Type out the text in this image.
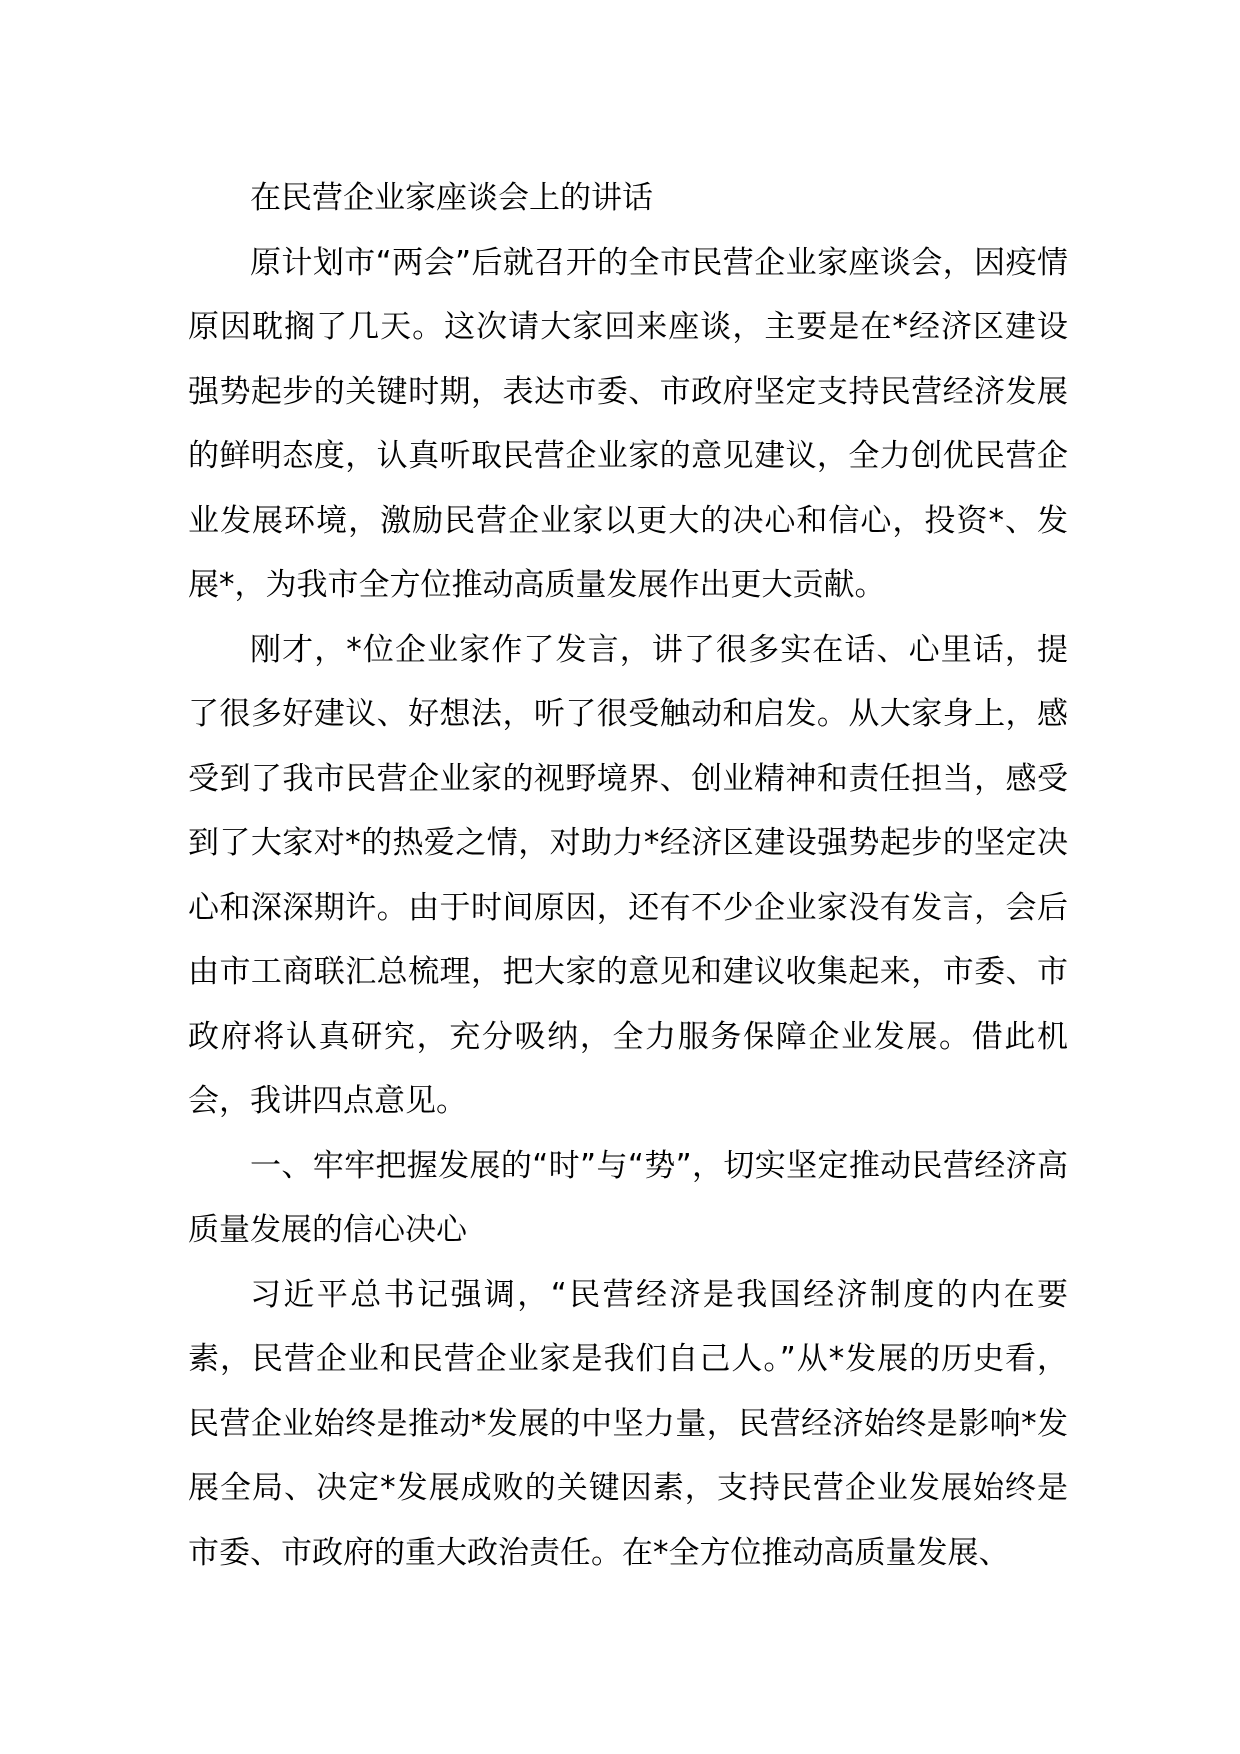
在民营企业家座谈会上的讲话

原计划市“两会”后就召开的全市民营企业家座谈会，因疫情原因耽搁了几天。这次请大家回来座谈，主要是在*经济区建设强势起步的关键时期，表达市委、市政府坚定支持民营经济发展的鲜明态度，认真听取民营企业家的意见建议，全力创优民营企业发展环境，激励民营企业家以更大的决心和信心，投资*、发展*，为我市全方位推动高质量发展作出更大贡献。

刚才，*位企业家作了发言，讲了很多实在话、心里话，提了很多好建议、好想法，听了很受触动和启发。从大家身上，感受到了我市民营企业家的视野境界、创业精神和责任担当，感受到了大家对*的热爱之情，对助力*经济区建设强势起步的坚定决心和深深期许。由于时间原因，还有不少企业家没有发言，会后由市工商联汇总梳理，把大家的意见和建议收集起来，市委、市政府将认真研究，充分吸纳，全力服务保障企业发展。借此机会，我讲四点意见。

一、牢牢把握发展的“时”与“势”，切实坚定推动民营经济高质量发展的信心决心

习近平总书记强调，“民营经济是我国经济制度的内在要素，民营企业和民营企业家是我们自己人。”从*发展的历史看，民营企业始终是推动*发展的中坚力量，民营经济始终是影响*发展全局、决定*发展成败的关键因素，支持民营企业发展始终是市委、市政府的重大政治责任。在*全方位推动高质量发展、
